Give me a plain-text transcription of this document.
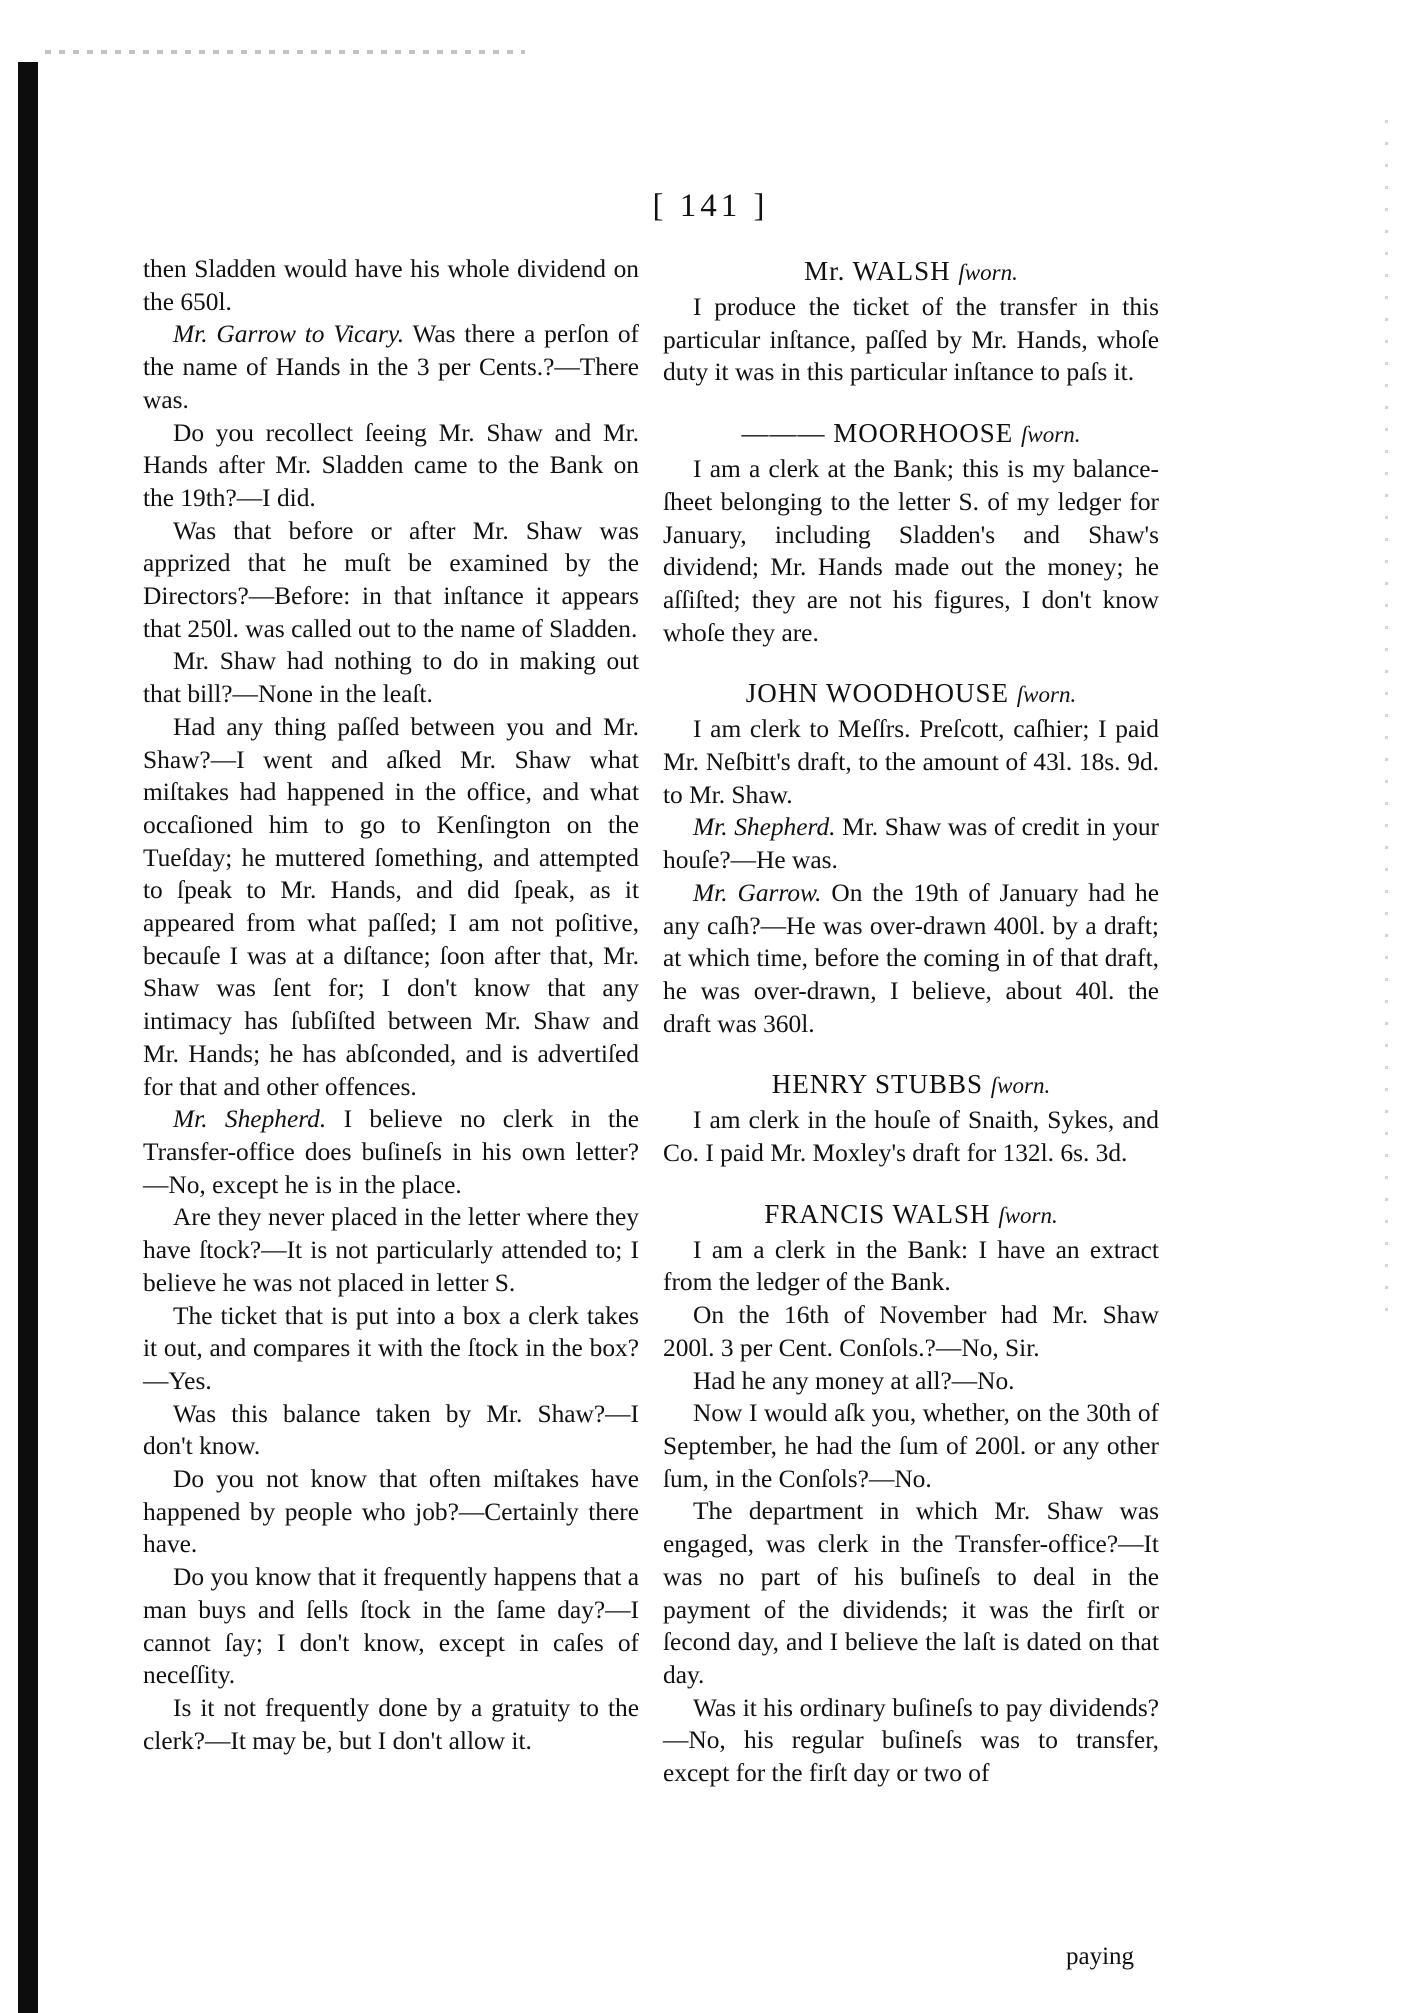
[ 141 ]

then Sladden would have his whole dividend on the 650l.

Mr. Garrow to Vicary. Was there a perſon of the name of Hands in the 3 per Cents.?—There was.

Do you recollect ſeeing Mr. Shaw and Mr. Hands after Mr. Sladden came to the Bank on the 19th?—I did.

Was that before or after Mr. Shaw was apprized that he muſt be examined by the Directors?—Before: in that inſtance it appears that 250l. was called out to the name of Sladden.

Mr. Shaw had nothing to do in making out that bill?—None in the leaſt.

Had any thing paſſed between you and Mr. Shaw?—I went and aſked Mr. Shaw what miſtakes had happened in the office, and what occaſioned him to go to Kenſington on the Tueſday; he muttered ſomething, and attempted to ſpeak to Mr. Hands, and did ſpeak, as it appeared from what paſſed; I am not poſitive, becauſe I was at a diſtance; ſoon after that, Mr. Shaw was ſent for; I don't know that any intimacy has ſubſiſted between Mr. Shaw and Mr. Hands; he has abſconded, and is advertiſed for that and other offences.

Mr. Shepherd. I believe no clerk in the Transfer-office does buſineſs in his own letter?—No, except he is in the place.

Are they never placed in the letter where they have ſtock?—It is not particularly attended to; I believe he was not placed in letter S.

The ticket that is put into a box a clerk takes it out, and compares it with the ſtock in the box?—Yes.

Was this balance taken by Mr. Shaw?—I don't know.

Do you not know that often miſtakes have happened by people who job?—Certainly there have.

Do you know that it frequently happens that a man buys and ſells ſtock in the ſame day?—I cannot ſay; I don't know, except in caſes of neceſſity.

Is it not frequently done by a gratuity to the clerk?—It may be, but I don't allow it.

Mr. WALSH ſworn.

I produce the ticket of the transfer in this particular inſtance, paſſed by Mr. Hands, whoſe duty it was in this particular inſtance to paſs it.

——— MOORHOOSE ſworn.

I am a clerk at the Bank; this is my balance-ſheet belonging to the letter S. of my ledger for January, including Sladden's and Shaw's dividend; Mr. Hands made out the money; he aſſiſted; they are not his figures, I don't know whoſe they are.

JOHN WOODHOUSE ſworn.

I am clerk to Meſſrs. Preſcott, caſhier; I paid Mr. Neſbitt's draft, to the amount of 43l. 18s. 9d. to Mr. Shaw.

Mr. Shepherd. Mr. Shaw was of credit in your houſe?—He was.

Mr. Garrow. On the 19th of January had he any caſh?—He was over-drawn 400l. by a draft; at which time, before the coming in of that draft, he was over-drawn, I believe, about 40l. the draft was 360l.

HENRY STUBBS ſworn.

I am clerk in the houſe of Snaith, Sykes, and Co. I paid Mr. Moxley's draft for 132l. 6s. 3d.

FRANCIS WALSH ſworn.

I am a clerk in the Bank: I have an extract from the ledger of the Bank.

On the 16th of November had Mr. Shaw 200l. 3 per Cent. Conſols.?—No, Sir.

Had he any money at all?—No.

Now I would aſk you, whether, on the 30th of September, he had the ſum of 200l. or any other ſum, in the Conſols?—No.

The department in which Mr. Shaw was engaged, was clerk in the Transfer-office?—It was no part of his buſineſs to deal in the payment of the dividends; it was the firſt or ſecond day, and I believe the laſt is dated on that day.

Was it his ordinary buſineſs to pay dividends?—No, his regular buſineſs was to transfer, except for the firſt day or two of

paying
